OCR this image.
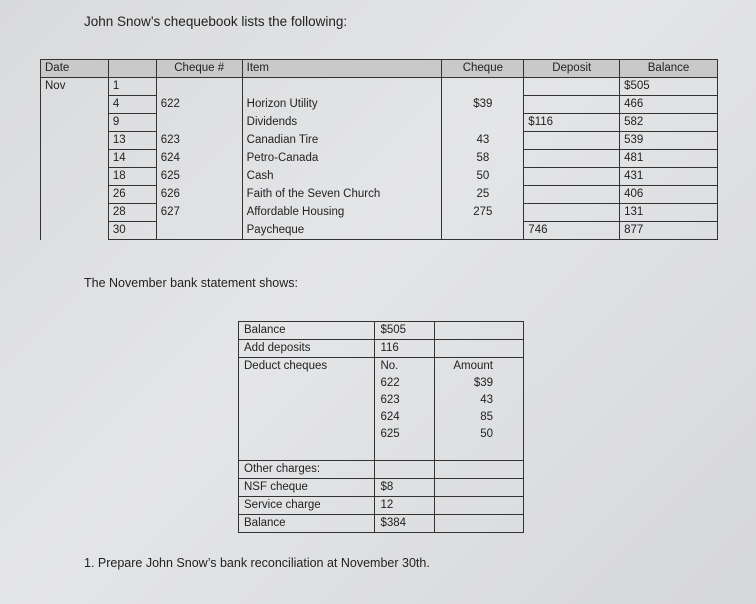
John Snow’s chequebook lists the following:
Date		Cheque #	Item	Cheque	Deposit	Balance
Nov	1					$505
	4	622	Horizon Utility	$39		466
	9		Dividends		$116	582
	13	623	Canadian Tire	43		539
	14	624	Petro-Canada	58		481
	18	625	Cash	50		431
	26	626	Faith of the Seven Church	25		406
	28	627	Affordable Housing	275		131
	30		Paycheque		746	877
The November bank statement shows:
Balance	$505	
Add deposits	116	
Deduct cheques	No.	Amount
	622	$39
	623	43
	624	85
	625	50

Other charges:		
NSF cheque	$8	
Service charge	12	
Balance	$384	
1. Prepare John Snow’s bank reconciliation at November 30th.
